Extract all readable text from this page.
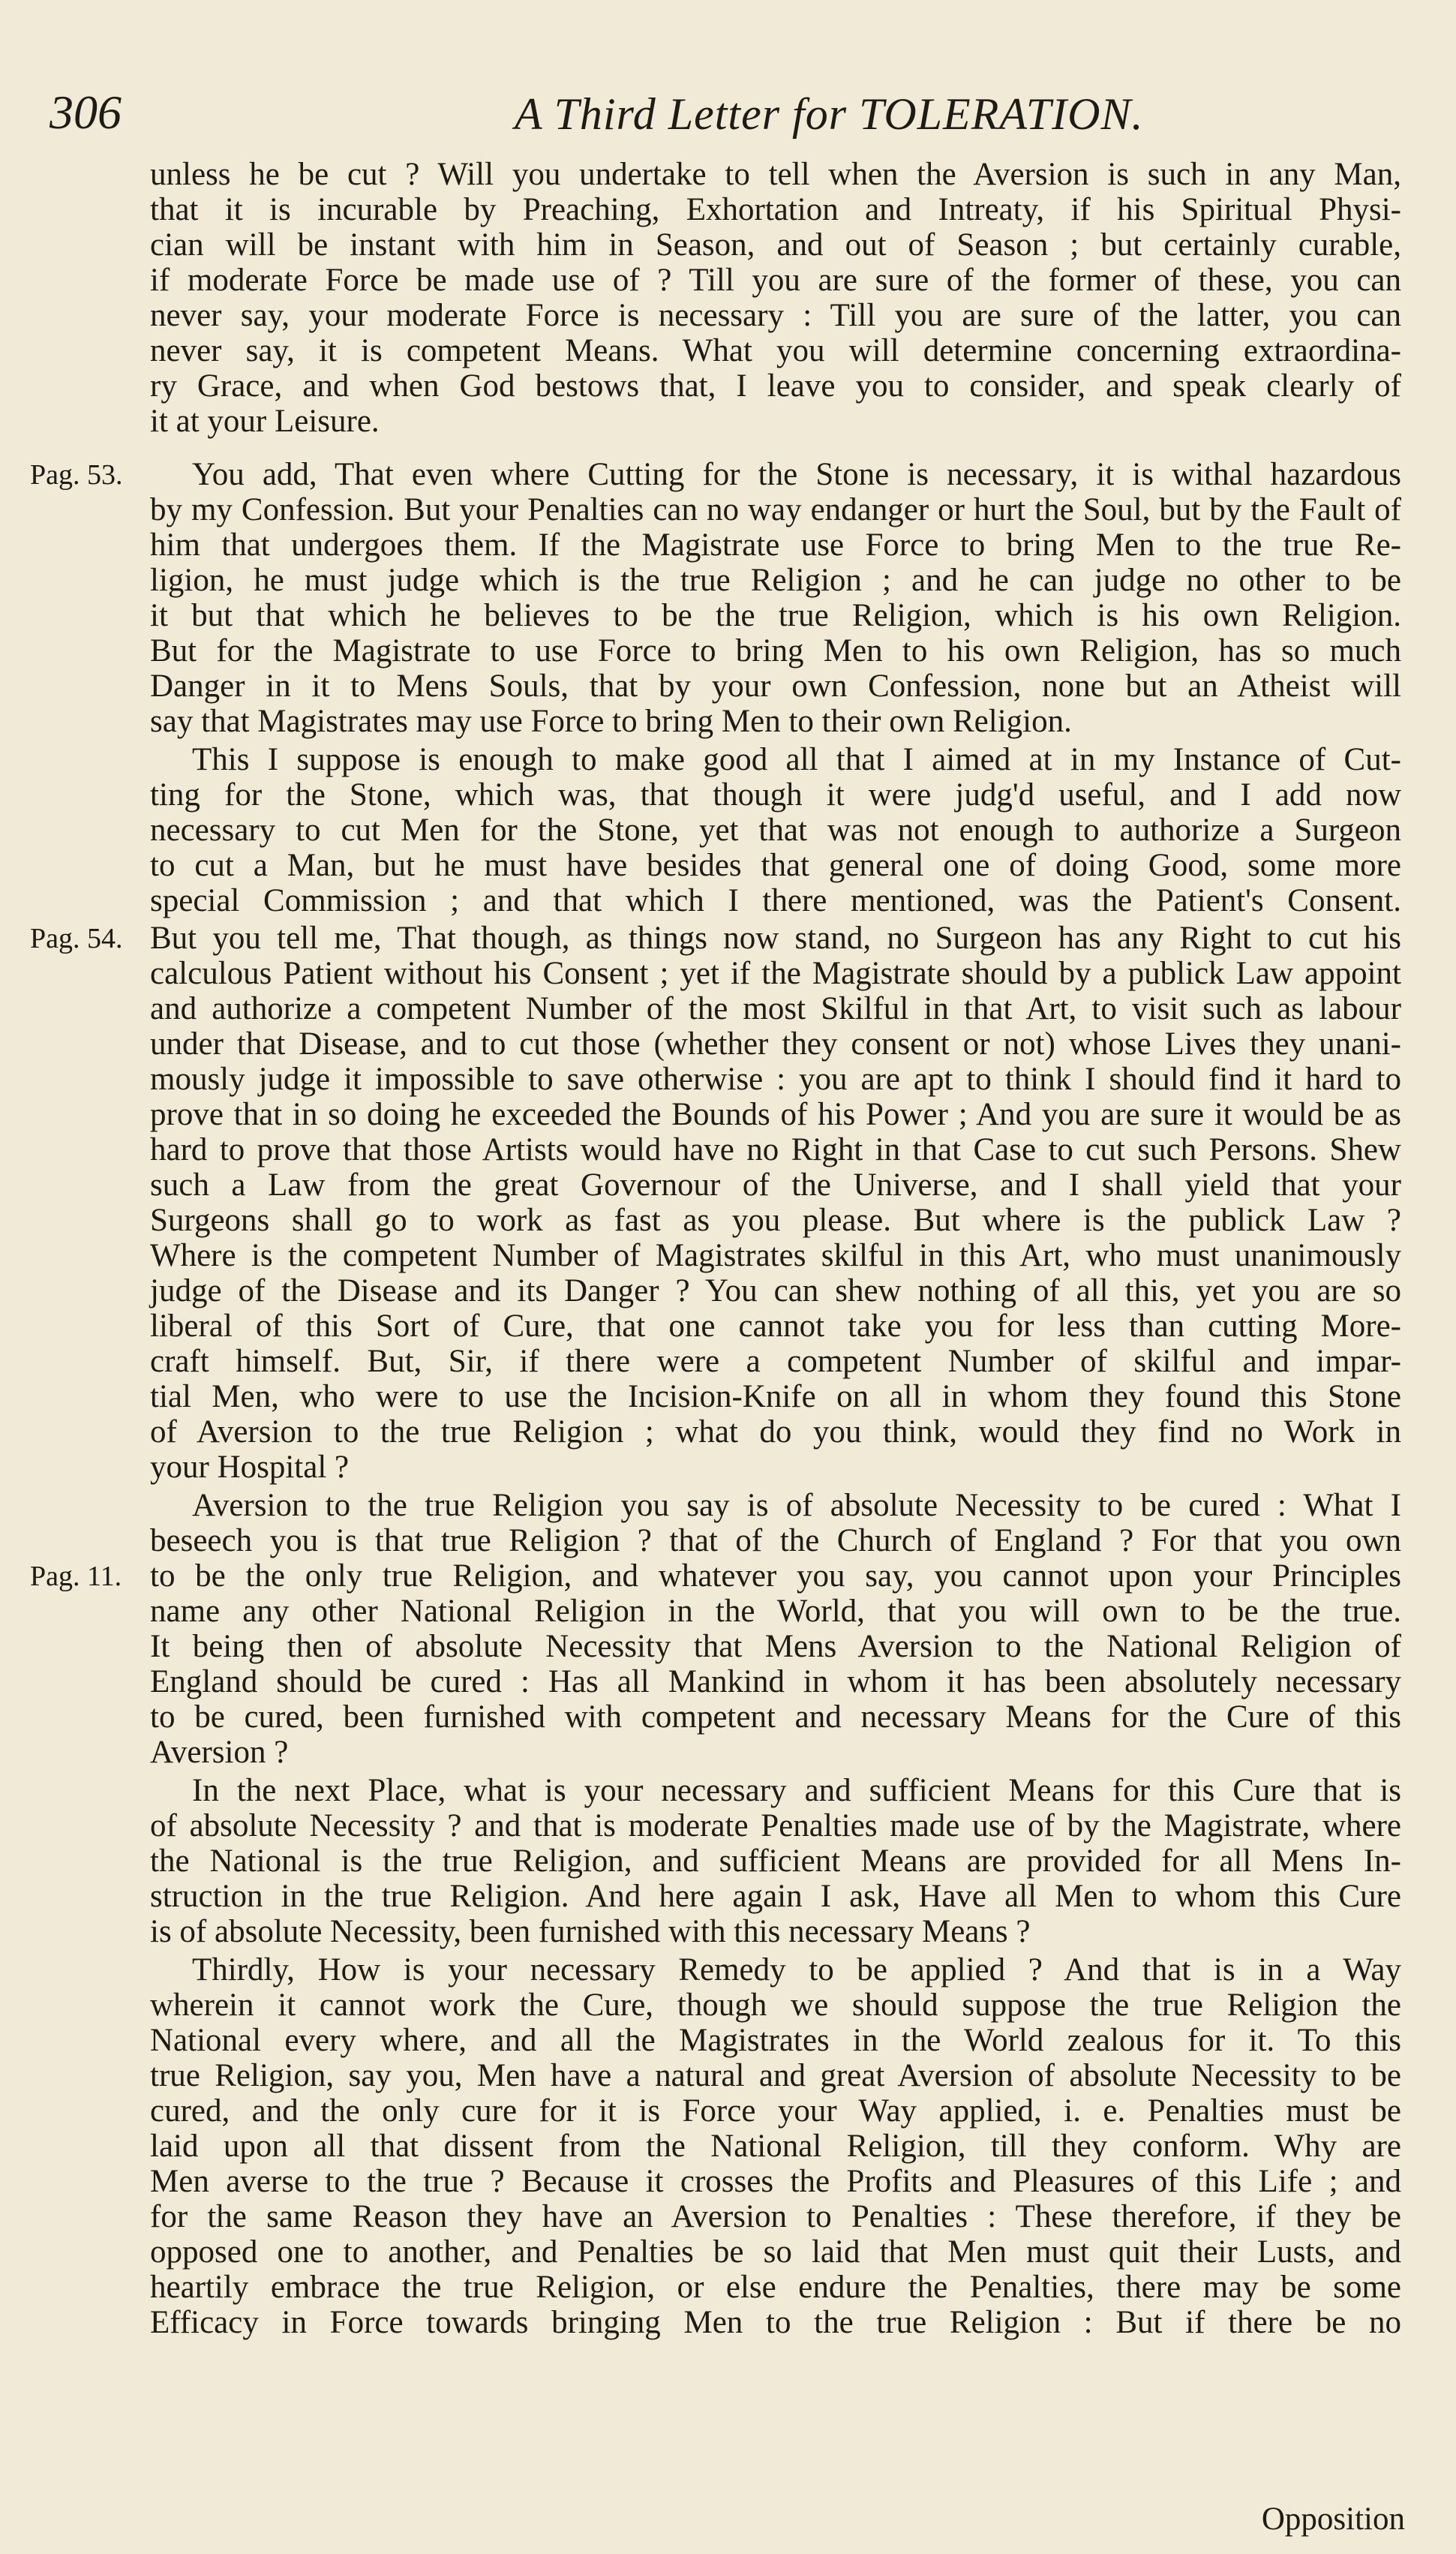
306	A Third Letter for TOLERATION.
unless he be cut ? Will you undertake to tell when the Aversion is such in any Man,
that it is incurable by Preaching, Exhortation and Intreaty, if his Spiritual Physi-
cian will be instant with him in Season, and out of Season ; but certainly curable,
if moderate Force be made use of ? Till you are sure of the former of these, you can
never say, your moderate Force is necessary : Till you are sure of the latter, you can
never say, it is competent Means. What you will determine concerning extraordina-
ry Grace, and when God bestows that, I leave you to consider, and speak clearly of
it at your Leisure.
Pag. 53.	You add, That even where Cutting for the Stone is necessary, it is withal hazardous
by my Confession. But your Penalties can no way endanger or hurt the Soul, but by the Fault of
him that undergoes them. If the Magistrate use Force to bring Men to the true Re-
ligion, he must judge which is the true Religion ; and he can judge no other to be
it but that which he believes to be the true Religion, which is his own Religion.
But for the Magistrate to use Force to bring Men to his own Religion, has so much
Danger in it to Mens Souls, that by your own Confession, none but an Atheist will
say that Magistrates may use Force to bring Men to their own Religion.
This I suppose is enough to make good all that I aimed at in my Instance of Cut-
ting for the Stone, which was, that though it were judg'd useful, and I add now
necessary to cut Men for the Stone, yet that was not enough to authorize a Surgeon
to cut a Man, but he must have besides that general one of doing Good, some more
special Commission ; and that which I there mentioned, was the Patient's Consent.
Pag. 54. But you tell me, That though, as things now stand, no Surgeon has any Right to cut his
calculous Patient without his Consent ; yet if the Magistrate should by a publick Law appoint
and authorize a competent Number of the most Skilful in that Art, to visit such as labour
under that Disease, and to cut those (whether they consent or not) whose Lives they unani-
mously judge it impossible to save otherwise : you are apt to think I should find it hard to
prove that in so doing he exceeded the Bounds of his Power ; And you are sure it would be as
hard to prove that those Artists would have no Right in that Case to cut such Persons. Shew
such a Law from the great Governour of the Universe, and I shall yield that your
Surgeons shall go to work as fast as you please. But where is the publick Law ?
Where is the competent Number of Magistrates skilful in this Art, who must unanimously
judge of the Disease and its Danger ? You can shew nothing of all this, yet you are so
liberal of this Sort of Cure, that one cannot take you for less than cutting More-
craft himself. But, Sir, if there were a competent Number of skilful and impar-
tial Men, who were to use the Incision-Knife on all in whom they found this Stone
of Aversion to the true Religion ; what do you think, would they find no Work in
your Hospital ?
Aversion to the true Religion you say is of absolute Necessity to be cured : What I
beseech you is that true Religion ? that of the Church of England ? For that you own
Pag. 11. to be the only true Religion, and whatever you say, you cannot upon your Principles
name any other National Religion in the World, that you will own to be the true.
It being then of absolute Necessity that Mens Aversion to the National Religion of
England should be cured : Has all Mankind in whom it has been absolutely necessary
to be cured, been furnished with competent and necessary Means for the Cure of this
Aversion ?
In the next Place, what is your necessary and sufficient Means for this Cure that is
of absolute Necessity ? and that is moderate Penalties made use of by the Magistrate, where
the National is the true Religion, and sufficient Means are provided for all Mens In-
struction in the true Religion. And here again I ask, Have all Men to whom this Cure
is of absolute Necessity, been furnished with this necessary Means ?
Thirdly, How is your necessary Remedy to be applied ? And that is in a Way
wherein it cannot work the Cure, though we should suppose the true Religion the
National every where, and all the Magistrates in the World zealous for it. To this
true Religion, say you, Men have a natural and great Aversion of absolute Necessity to be
cured, and the only cure for it is Force your Way applied, i. e. Penalties must be
laid upon all that dissent from the National Religion, till they conform. Why are
Men averse to the true ? Because it crosses the Profits and Pleasures of this Life ; and
for the same Reason they have an Aversion to Penalties : These therefore, if they be
opposed one to another, and Penalties be so laid that Men must quit their Lusts, and
heartily embrace the true Religion, or else endure the Penalties, there may be some
Efficacy in Force towards bringing Men to the true Religion : But if there be no
Opposition
